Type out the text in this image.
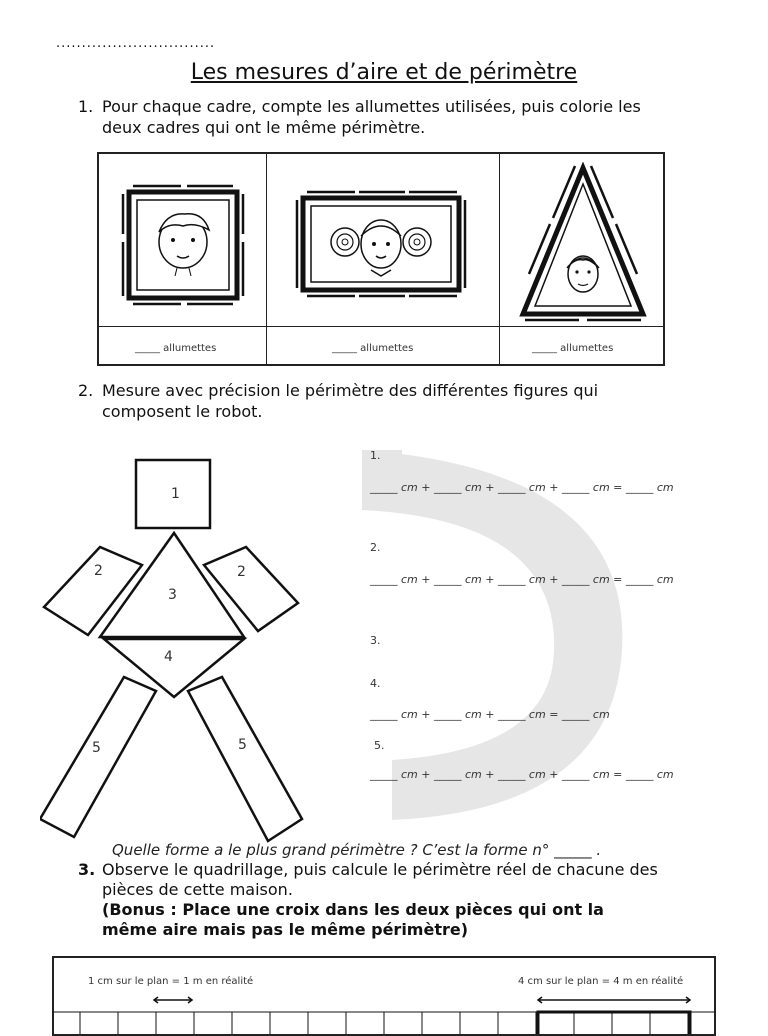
...............................
Les mesures d’aire et de périmètre
1. Pour chaque cadre, compte les allumettes utilisées, puis colorie les
deux cadres qui ont le même périmètre.
_____ allumettes	_____ allumettes	_____ allumettes
2. Mesure avec précision le périmètre des différentes figures qui
composent le robot.
1
2	2
3
4
5	5
1.
_____ cm + _____ cm + _____ cm + _____ cm = _____ cm
2.
_____ cm + _____ cm + _____ cm + _____ cm = _____ cm
3.
4.
_____ cm + _____ cm + _____ cm = _____ cm
5.
_____ cm + _____ cm + _____ cm + _____ cm = _____ cm
Quelle forme a le plus grand périmètre ? C’est la forme n° _____ .
3. Observe le quadrillage, puis calcule le périmètre réel de chacune des
pièces de cette maison.
(Bonus : Place une croix dans les deux pièces qui ont la
même aire mais pas le même périmètre)
1 cm sur le plan = 1 m en réalité	4 cm sur le plan = 4 m en réalité
